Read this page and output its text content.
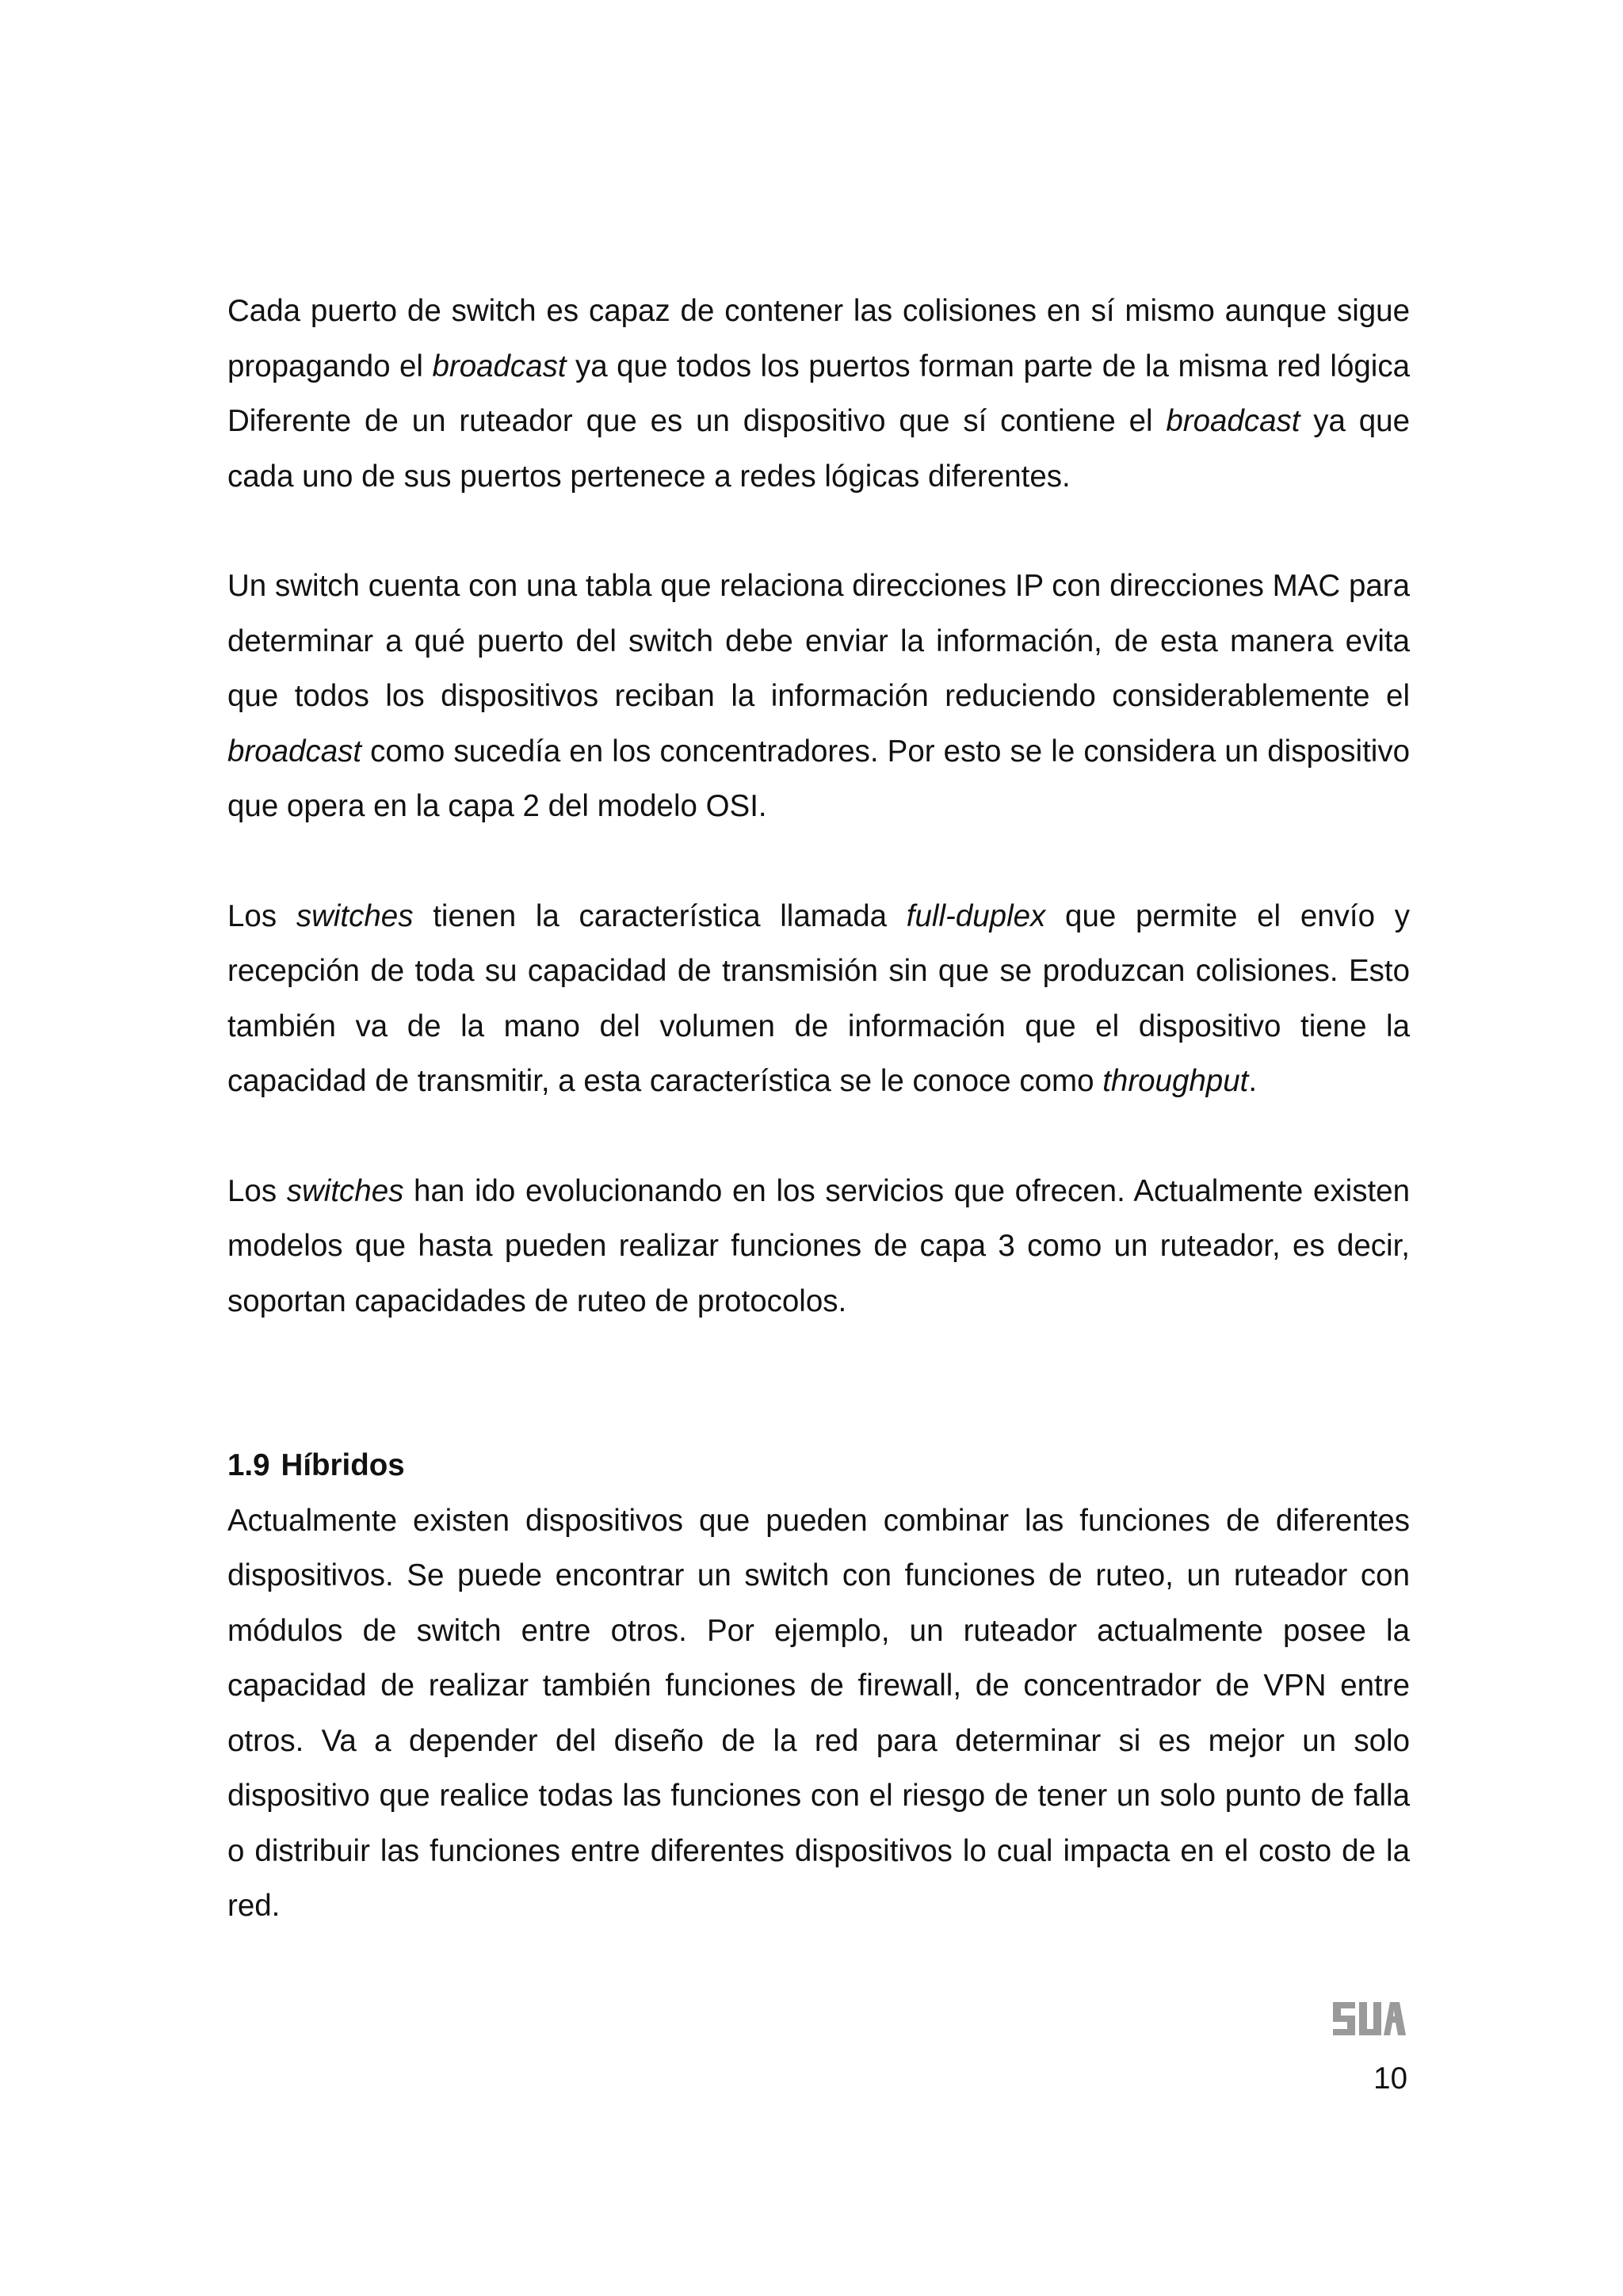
Cada puerto de switch es capaz de contener las colisiones en sí mismo aunque sigue propagando el broadcast ya que todos los puertos forman parte de la misma red lógica Diferente de un ruteador que es un dispositivo que sí contiene el broadcast ya que cada uno de sus puertos pertenece a redes lógicas diferentes.

Un switch cuenta con una tabla que relaciona direcciones IP con direcciones MAC para determinar a qué puerto del switch debe enviar la información, de esta manera evita que todos los dispositivos reciban la información reduciendo considerablemente el broadcast como sucedía en los concentradores. Por esto se le considera un dispositivo que opera en la capa 2 del modelo OSI.

Los switches tienen la característica llamada full-duplex que permite el envío y recepción de toda su capacidad de transmisión sin que se produzcan colisiones. Esto también va de la mano del volumen de información que el dispositivo tiene la capacidad de transmitir, a esta característica se le conoce como throughput.

Los switches han ido evolucionando en los servicios que ofrecen. Actualmente existen modelos que hasta pueden realizar funciones de capa 3 como un ruteador, es decir, soportan capacidades de ruteo de protocolos.

1.9 Híbridos

Actualmente existen dispositivos que pueden combinar las funciones de diferentes dispositivos. Se puede encontrar un switch con funciones de ruteo, un ruteador con módulos de switch entre otros. Por ejemplo, un ruteador actualmente posee la capacidad de realizar también funciones de firewall, de concentrador de VPN entre otros. Va a depender del diseño de la red para determinar si es mejor un solo dispositivo que realice todas las funciones con el riesgo de tener un solo punto de falla o distribuir las funciones entre diferentes dispositivos lo cual impacta en el costo de la red.

10
